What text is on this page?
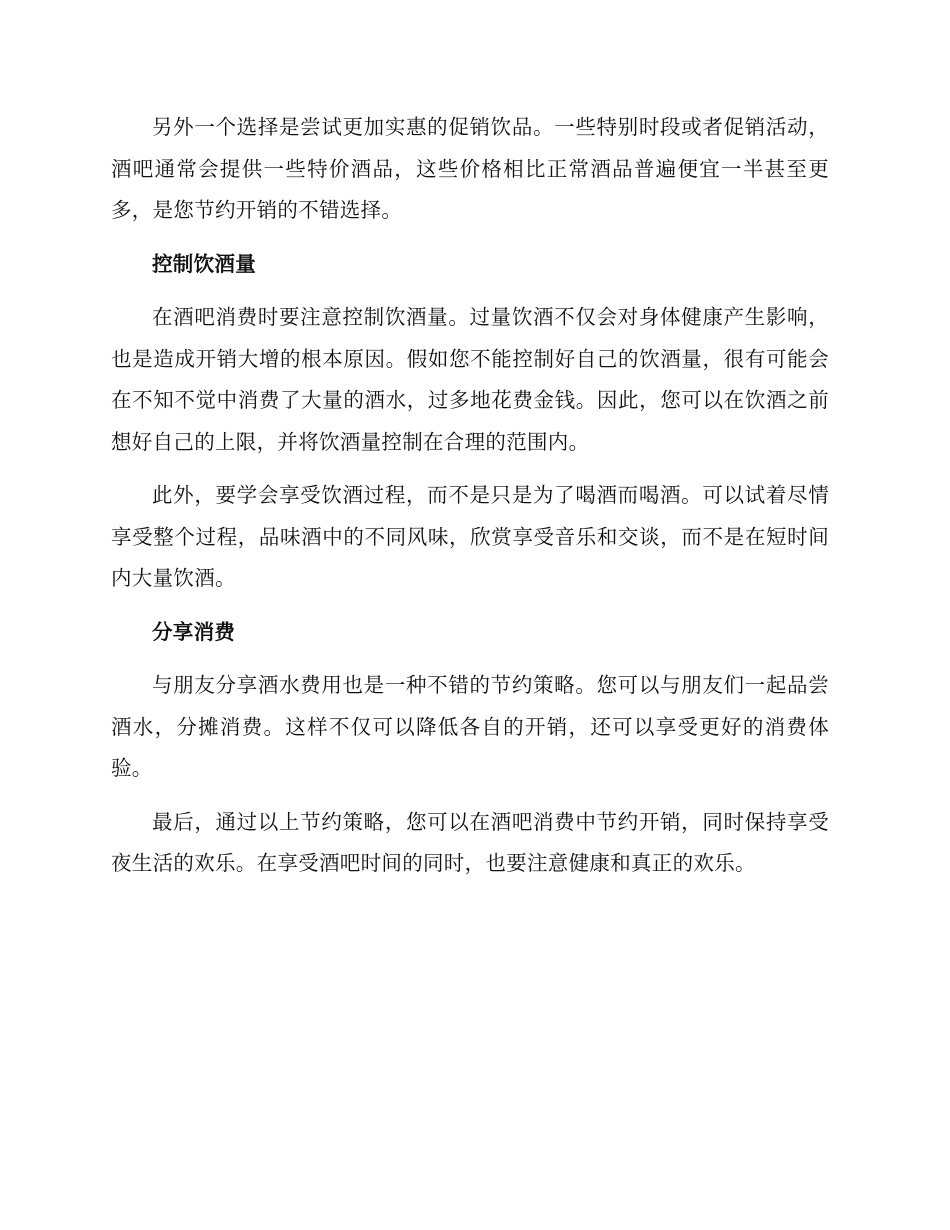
另外一个选择是尝试更加实惠的促销饮品。一些特别时段或者促销活动，酒吧通常会提供一些特价酒品，这些价格相比正常酒品普遍便宜一半甚至更多，是您节约开销的不错选择。

控制饮酒量

在酒吧消费时要注意控制饮酒量。过量饮酒不仅会对身体健康产生影响，也是造成开销大增的根本原因。假如您不能控制好自己的饮酒量，很有可能会在不知不觉中消费了大量的酒水，过多地花费金钱。因此，您可以在饮酒之前想好自己的上限，并将饮酒量控制在合理的范围内。

此外，要学会享受饮酒过程，而不是只是为了喝酒而喝酒。可以试着尽情享受整个过程，品味酒中的不同风味，欣赏享受音乐和交谈，而不是在短时间内大量饮酒。

分享消费

与朋友分享酒水费用也是一种不错的节约策略。您可以与朋友们一起品尝酒水，分摊消费。这样不仅可以降低各自的开销，还可以享受更好的消费体验。

最后，通过以上节约策略，您可以在酒吧消费中节约开销，同时保持享受夜生活的欢乐。在享受酒吧时间的同时，也要注意健康和真正的欢乐。
